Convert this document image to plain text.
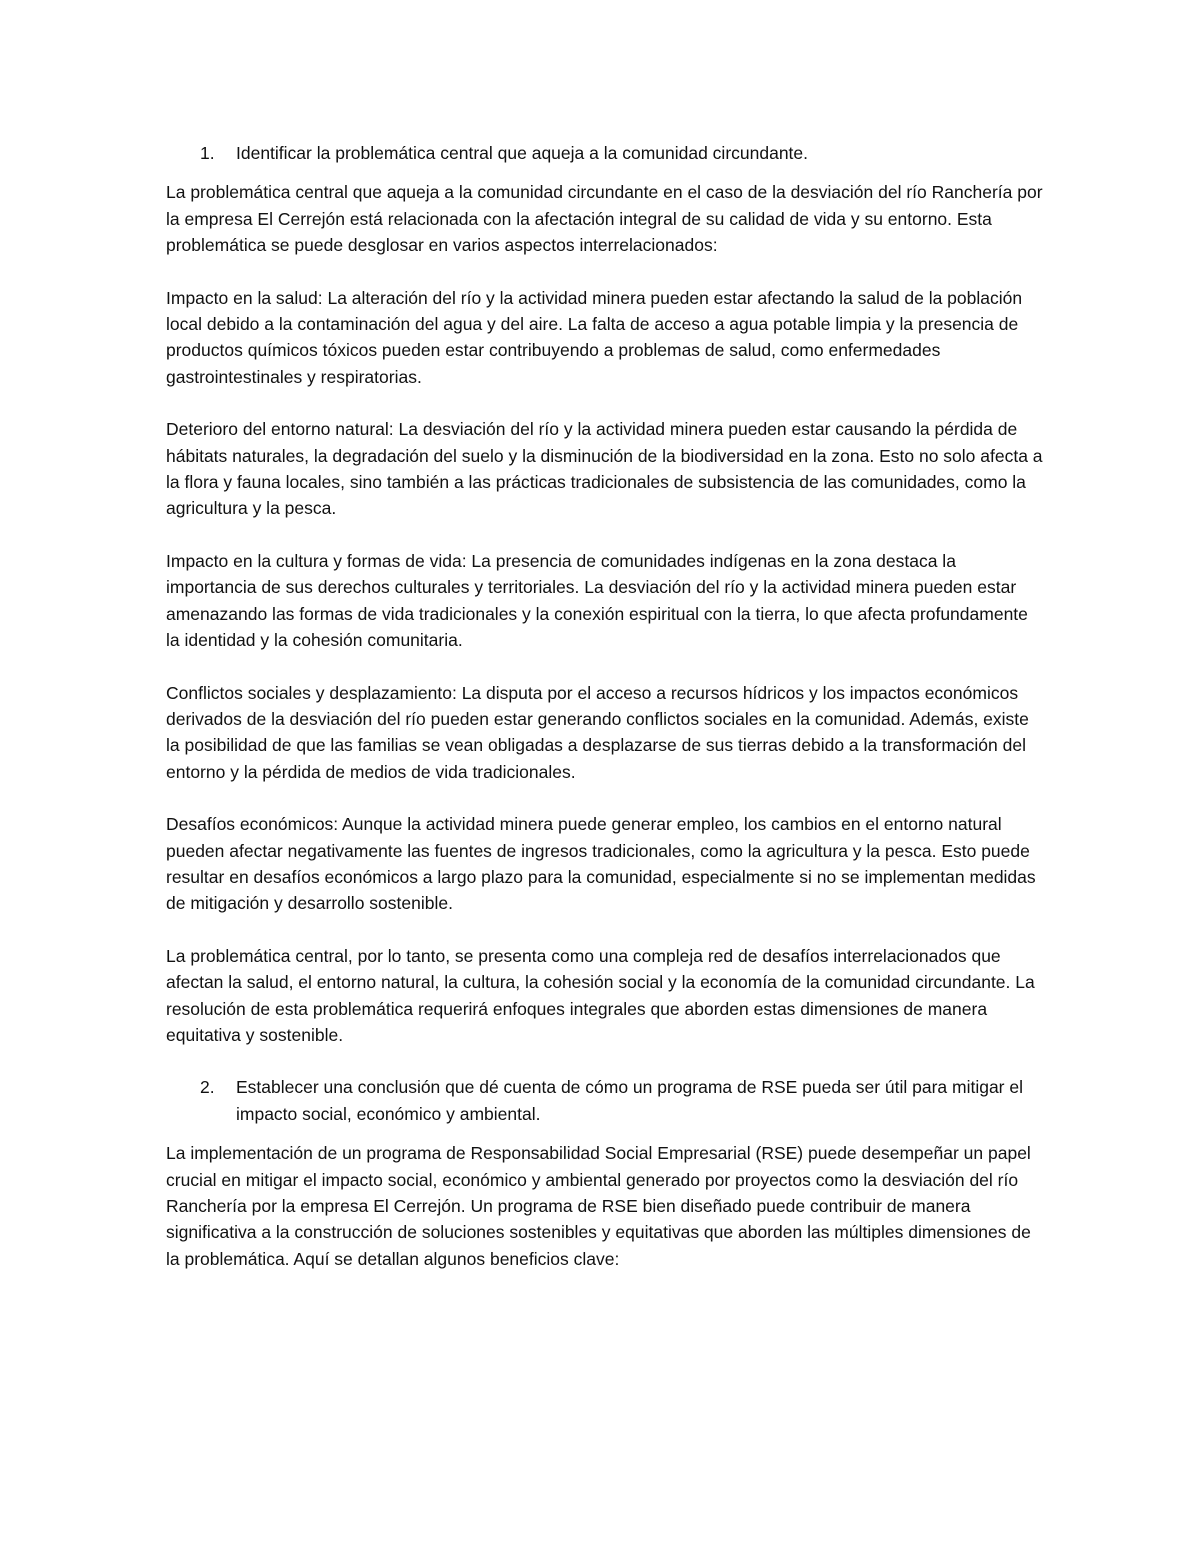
1. Identificar la problemática central que aqueja a la comunidad circundante.

La problemática central que aqueja a la comunidad circundante en el caso de la desviación del río Ranchería por la empresa El Cerrejón está relacionada con la afectación integral de su calidad de vida y su entorno. Esta problemática se puede desglosar en varios aspectos interrelacionados:

Impacto en la salud: La alteración del río y la actividad minera pueden estar afectando la salud de la población local debido a la contaminación del agua y del aire. La falta de acceso a agua potable limpia y la presencia de productos químicos tóxicos pueden estar contribuyendo a problemas de salud, como enfermedades gastrointestinales y respiratorias.

Deterioro del entorno natural: La desviación del río y la actividad minera pueden estar causando la pérdida de hábitats naturales, la degradación del suelo y la disminución de la biodiversidad en la zona. Esto no solo afecta a la flora y fauna locales, sino también a las prácticas tradicionales de subsistencia de las comunidades, como la agricultura y la pesca.

Impacto en la cultura y formas de vida: La presencia de comunidades indígenas en la zona destaca la importancia de sus derechos culturales y territoriales. La desviación del río y la actividad minera pueden estar amenazando las formas de vida tradicionales y la conexión espiritual con la tierra, lo que afecta profundamente la identidad y la cohesión comunitaria.

Conflictos sociales y desplazamiento: La disputa por el acceso a recursos hídricos y los impactos económicos derivados de la desviación del río pueden estar generando conflictos sociales en la comunidad. Además, existe la posibilidad de que las familias se vean obligadas a desplazarse de sus tierras debido a la transformación del entorno y la pérdida de medios de vida tradicionales.

Desafíos económicos: Aunque la actividad minera puede generar empleo, los cambios en el entorno natural pueden afectar negativamente las fuentes de ingresos tradicionales, como la agricultura y la pesca. Esto puede resultar en desafíos económicos a largo plazo para la comunidad, especialmente si no se implementan medidas de mitigación y desarrollo sostenible.

La problemática central, por lo tanto, se presenta como una compleja red de desafíos interrelacionados que afectan la salud, el entorno natural, la cultura, la cohesión social y la economía de la comunidad circundante. La resolución de esta problemática requerirá enfoques integrales que aborden estas dimensiones de manera equitativa y sostenible.

2. Establecer una conclusión que dé cuenta de cómo un programa de RSE pueda ser útil para mitigar el impacto social, económico y ambiental.

La implementación de un programa de Responsabilidad Social Empresarial (RSE) puede desempeñar un papel crucial en mitigar el impacto social, económico y ambiental generado por proyectos como la desviación del río Ranchería por la empresa El Cerrejón. Un programa de RSE bien diseñado puede contribuir de manera significativa a la construcción de soluciones sostenibles y equitativas que aborden las múltiples dimensiones de la problemática. Aquí se detallan algunos beneficios clave:
